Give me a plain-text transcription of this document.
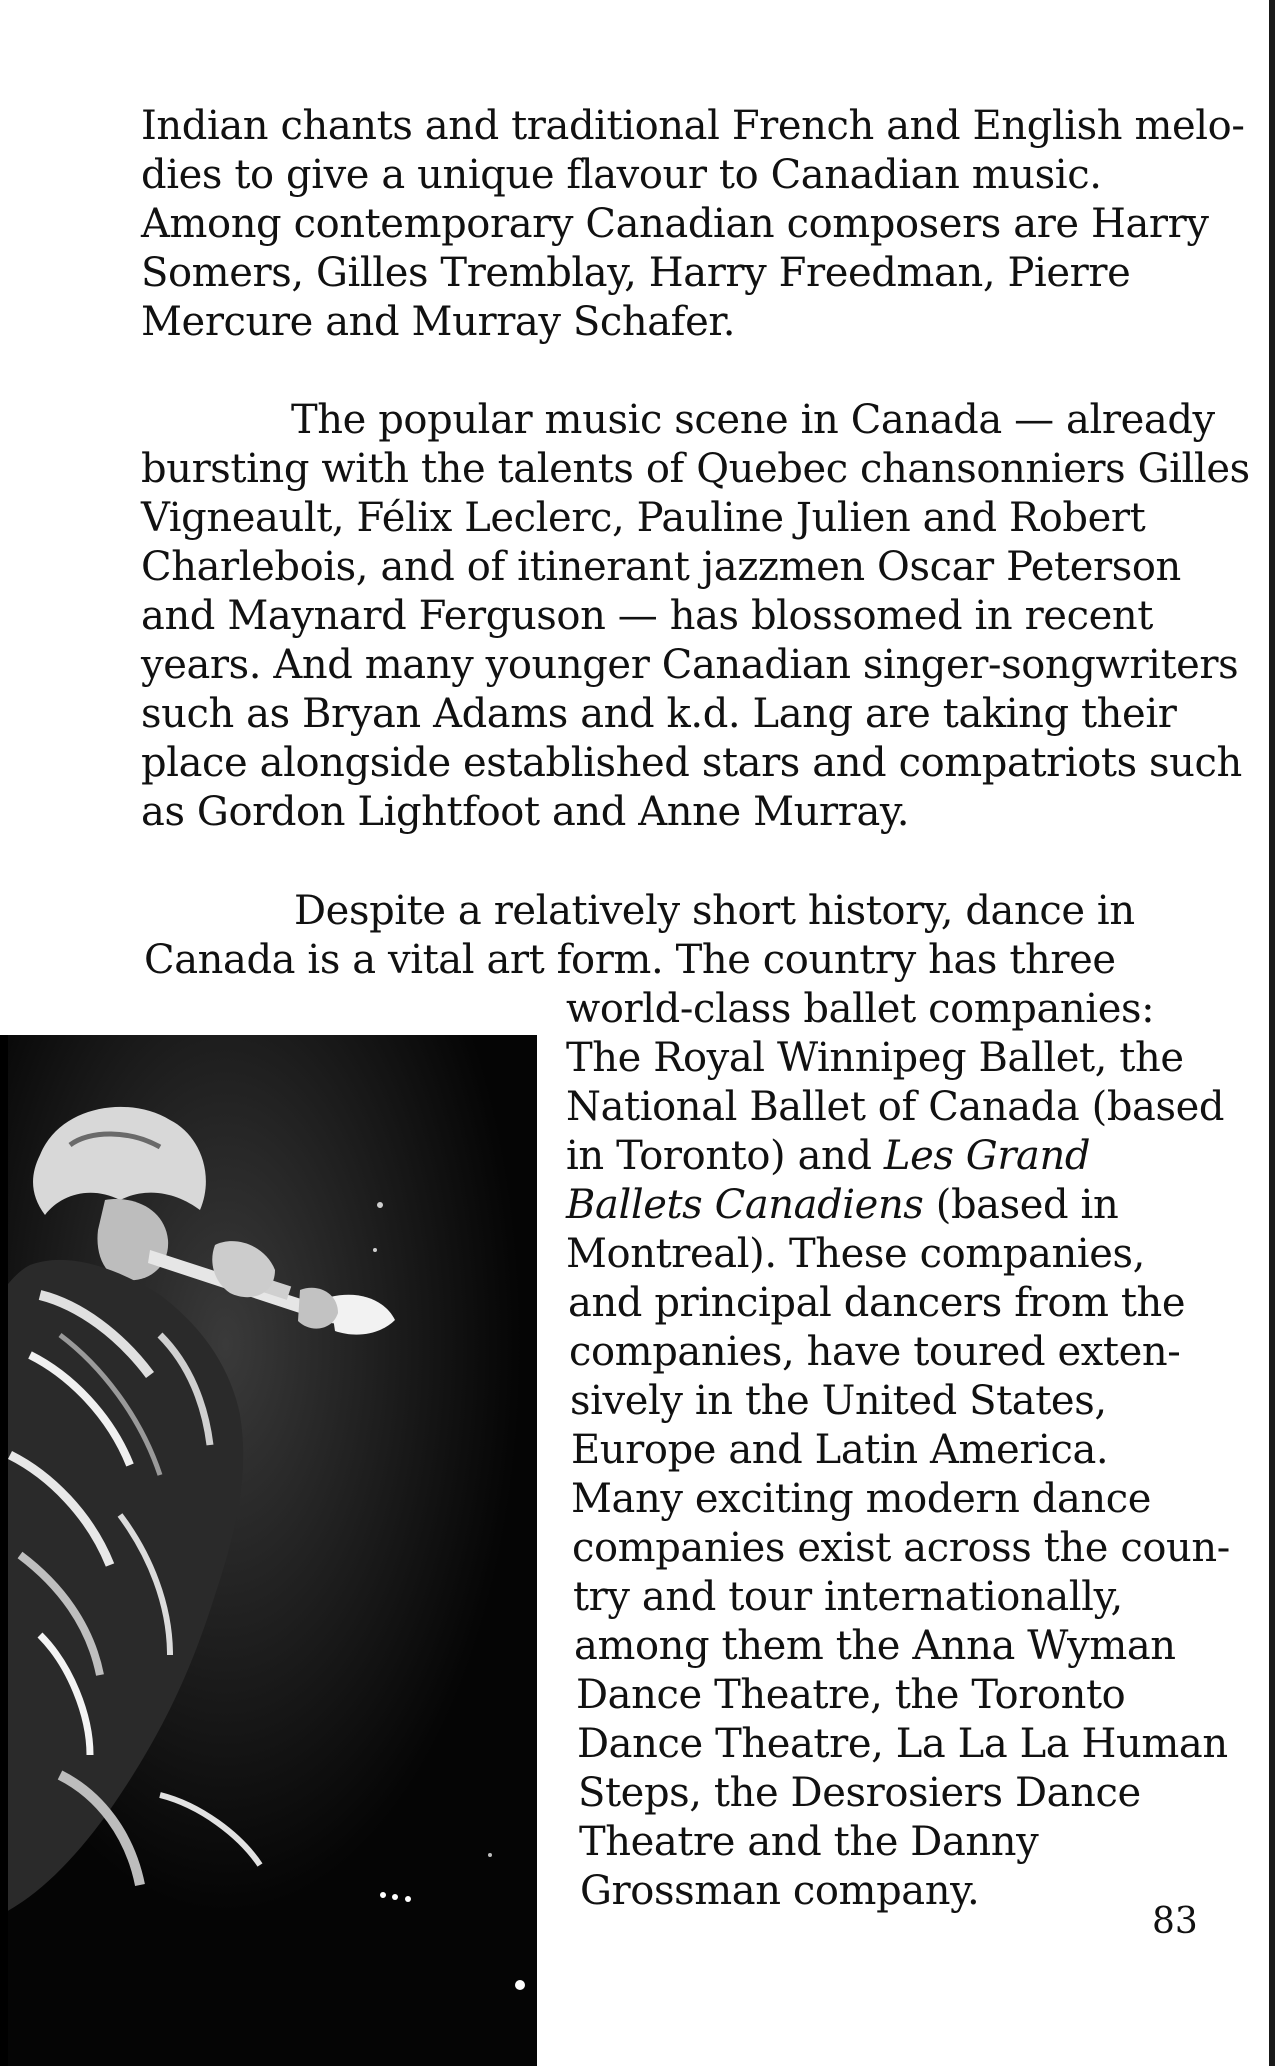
Indian chants and traditional French and English melo-
dies to give a unique flavour to Canadian music.
Among contemporary Canadian composers are Harry
Somers, Gilles Tremblay, Harry Freedman, Pierre
Mercure and Murray Schafer.
The popular music scene in Canada — already
bursting with the talents of Quebec chansonniers Gilles
Vigneault, Félix Leclerc, Pauline Julien and Robert
Charlebois, and of itinerant jazzmen Oscar Peterson
and Maynard Ferguson — has blossomed in recent
years. And many younger Canadian singer-songwriters
such as Bryan Adams and k.d. Lang are taking their
place alongside established stars and compatriots such
as Gordon Lightfoot and Anne Murray.
Despite a relatively short history, dance in
Canada is a vital art form. The country has three
world-class ballet companies:
The Royal Winnipeg Ballet, the
National Ballet of Canada (based
in Toronto) and Les Grand
Ballets Canadiens (based in
Montreal). These companies,
and principal dancers from the
companies, have toured exten-
sively in the United States,
Europe and Latin America.
Many exciting modern dance
companies exist across the coun-
try and tour internationally,
among them the Anna Wyman
Dance Theatre, the Toronto
Dance Theatre, La La La Human
Steps, the Desrosiers Dance
Theatre and the Danny
Grossman company.
83
